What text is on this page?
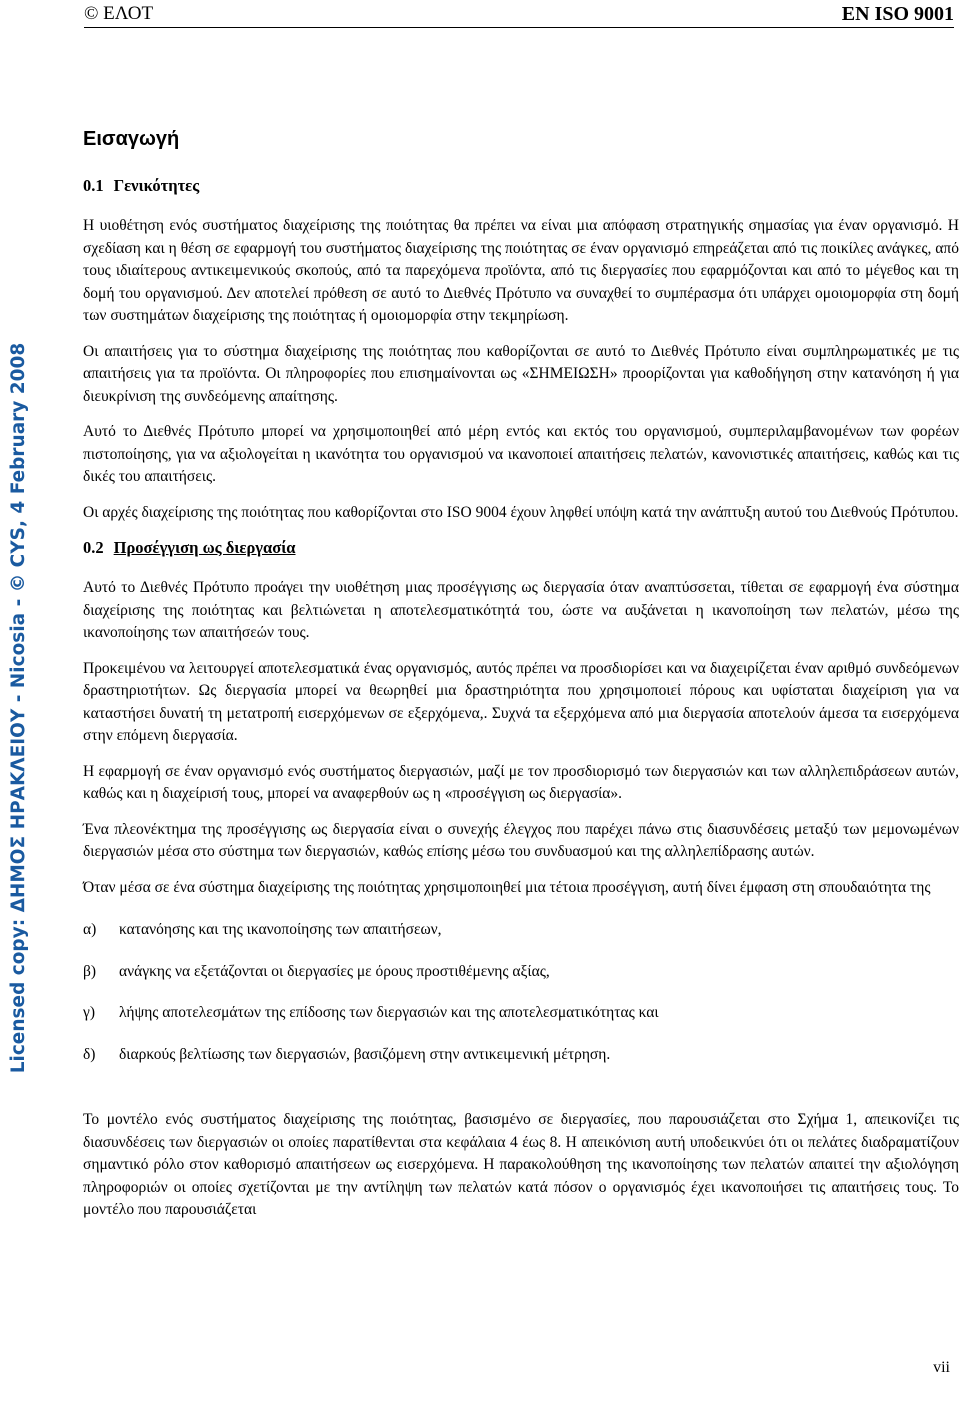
© ΕΛΟΤ	EN ISO 9001
Licensed copy: ΔΗΜΟΣ ΗΡΑΚΛΕΙΟΥ - Nicosia - © CYS, 4 February 2008
Εισαγωγή
0.1 Γενικότητες

Η υιοθέτηση ενός συστήματος διαχείρισης της ποιότητας θα πρέπει να είναι μια απόφαση στρατηγικής σημασίας για έναν οργανισμό. Η σχεδίαση και η θέση σε εφαρμογή του συστήματος διαχείρισης της ποιότητας σε έναν οργανισμό επηρεάζεται από τις ποικίλες ανάγκες, από τους ιδιαίτερους αντικειμενικούς σκοπούς, από τα παρεχόμενα προϊόντα, από τις διεργασίες που εφαρμόζονται και από το μέγεθος και τη δομή του οργανισμού. Δεν αποτελεί πρόθεση σε αυτό το Διεθνές Πρότυπο να συναχθεί το συμπέρασμα ότι υπάρχει ομοιομορφία στη δομή των συστημάτων διαχείρισης της ποιότητας ή ομοιομορφία στην τεκμηρίωση.

Οι απαιτήσεις για το σύστημα διαχείρισης της ποιότητας που καθορίζονται σε αυτό το Διεθνές Πρότυπο είναι συμπληρωματικές με τις απαιτήσεις για τα προϊόντα. Οι πληροφορίες που επισημαίνονται ως «ΣΗΜΕΙΩΣΗ» προορίζονται για καθοδήγηση στην κατανόηση ή για διευκρίνιση της συνδεόμενης απαίτησης.

Αυτό το Διεθνές Πρότυπο μπορεί να χρησιμοποιηθεί από μέρη εντός και εκτός του οργανισμού, συμπεριλαμβανομένων των φορέων πιστοποίησης, για να αξιολογείται η ικανότητα του οργανισμού να ικανοποιεί απαιτήσεις πελατών, κανονιστικές απαιτήσεις, καθώς και τις δικές του απαιτήσεις.

Οι αρχές διαχείρισης της ποιότητας που καθορίζονται στο ISO 9004 έχουν ληφθεί υπόψη κατά την ανάπτυξη αυτού του Διεθνούς Πρότυπου.

0.2 Προσέγγιση ως διεργασία

Αυτό το Διεθνές Πρότυπο προάγει την υιοθέτηση μιας προσέγγισης ως διεργασία όταν αναπτύσσεται, τίθεται σε εφαρμογή ένα σύστημα διαχείρισης της ποιότητας και βελτιώνεται η αποτελεσματικότητά του, ώστε να αυξάνεται η ικανοποίηση των πελατών, μέσω της ικανοποίησης των απαιτήσεών τους.

Προκειμένου να λειτουργεί αποτελεσματικά ένας οργανισμός, αυτός πρέπει να προσδιορίσει και να διαχειρίζεται έναν αριθμό συνδεόμενων δραστηριοτήτων. Ως διεργασία μπορεί να θεωρηθεί μια δραστηριότητα που χρησιμοποιεί πόρους και υφίσταται διαχείριση για να καταστήσει δυνατή τη μετατροπή εισερχόμενων σε εξερχόμενα,. Συχνά τα εξερχόμενα από μια διεργασία αποτελούν άμεσα τα εισερχόμενα στην επόμενη διεργασία.

Η εφαρμογή σε έναν οργανισμό ενός συστήματος διεργασιών, μαζί με τον προσδιορισμό των διεργασιών και των αλληλεπιδράσεων αυτών, καθώς και η διαχείρισή τους, μπορεί να αναφερθούν ως η «προσέγγιση ως διεργασία».

Ένα πλεονέκτημα της προσέγγισης ως διεργασία είναι ο συνεχής έλεγχος που παρέχει πάνω στις διασυνδέσεις μεταξύ των μεμονωμένων διεργασιών μέσα στο σύστημα των διεργασιών, καθώς επίσης μέσω του συνδυασμού και της αλληλεπίδρασης αυτών.

Όταν μέσα σε ένα σύστημα διαχείρισης της ποιότητας χρησιμοποιηθεί μια τέτοια προσέγγιση, αυτή δίνει έμφαση στη σπουδαιότητα της

α) κατανόησης και της ικανοποίησης των απαιτήσεων,
β) ανάγκης να εξετάζονται οι διεργασίες με όρους προστιθέμενης αξίας,
γ) λήψης αποτελεσμάτων της επίδοσης των διεργασιών και της αποτελεσματικότητας και
δ) διαρκούς βελτίωσης των διεργασιών, βασιζόμενη στην αντικειμενική μέτρηση.

Το μοντέλο ενός συστήματος διαχείρισης της ποιότητας, βασισμένο σε διεργασίες, που παρουσιάζεται στο Σχήμα 1, απεικονίζει τις διασυνδέσεις των διεργασιών οι οποίες παρατίθενται στα κεφάλαια 4 έως 8. Η απεικόνιση αυτή υποδεικνύει ότι οι πελάτες διαδραματίζουν σημαντικό ρόλο στον καθορισμό απαιτήσεων ως εισερχόμενα. Η παρακολούθηση της ικανοποίησης των πελατών απαιτεί την αξιολόγηση πληροφοριών οι οποίες σχετίζονται με την αντίληψη των πελατών κατά πόσον ο οργανισμός έχει ικανοποιήσει τις απαιτήσεις τους. Το μοντέλο που παρουσιάζεται

vii
